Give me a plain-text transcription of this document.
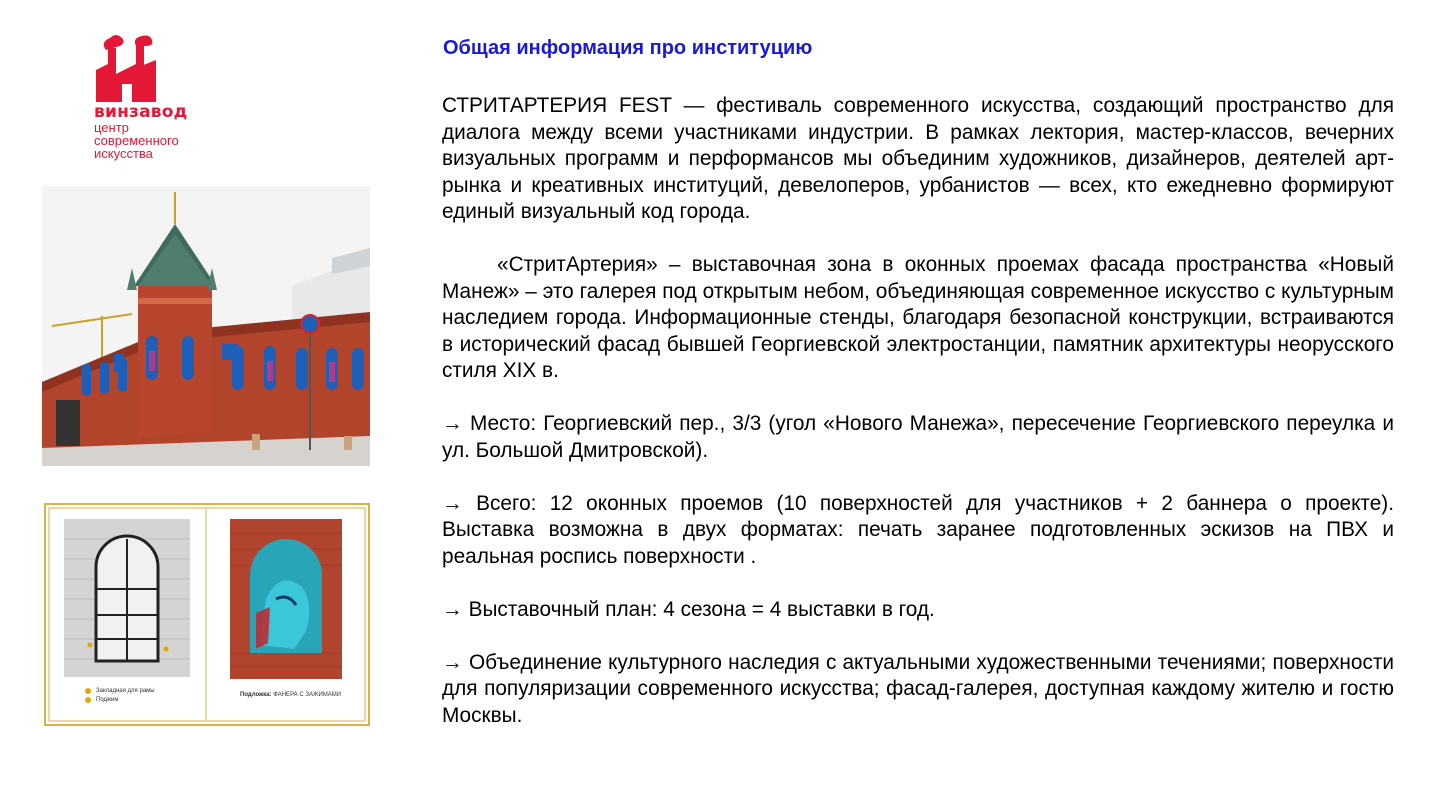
винзавод
центр
современного
искусства
Закладная для рамы
Поджим
Подложка: ФАНЕРА С ЗАЖИМАМИ
Общая информация про институцию

СТРИТАРТЕРИЯ FEST — фестиваль современного искусства, создающий пространство для диалога между всеми участниками индустрии. В рамках лектория, мастер-классов, вечерних визуальных программ и перформансов мы объединим художников, дизайнеров, деятелей арт-рынка и креативных институций, девелоперов, урбанистов — всех, кто ежедневно формируют единый визуальный код города.

«СтритАртерия» – выставочная зона в оконных проемах фасада пространства «Новый Манеж» – это галерея под открытым небом, объединяющая современное искусство с культурным наследием города. Информационные стенды, благодаря безопасной конструкции, встраиваются в исторический фасад бывшей Георгиевской электростанции, памятник архитектуры неорусского стиля XIX в.

→ Место: Георгиевский пер., 3/3 (угол «Нового Манежа», пересечение Георгиевского переулка и ул. Большой Дмитровской).

→ Всего: 12 оконных проемов (10 поверхностей для участников + 2 баннера о проекте). Выставка возможна в двух форматах: печать заранее подготовленных эскизов на ПВХ и реальная роспись поверхности .

→ Выставочный план: 4 сезона = 4 выставки в год.

→ Объединение культурного наследия с актуальными художественными течениями; поверхности для популяризации современного искусства; фасад-галерея, доступная каждому жителю и гостю Москвы.
